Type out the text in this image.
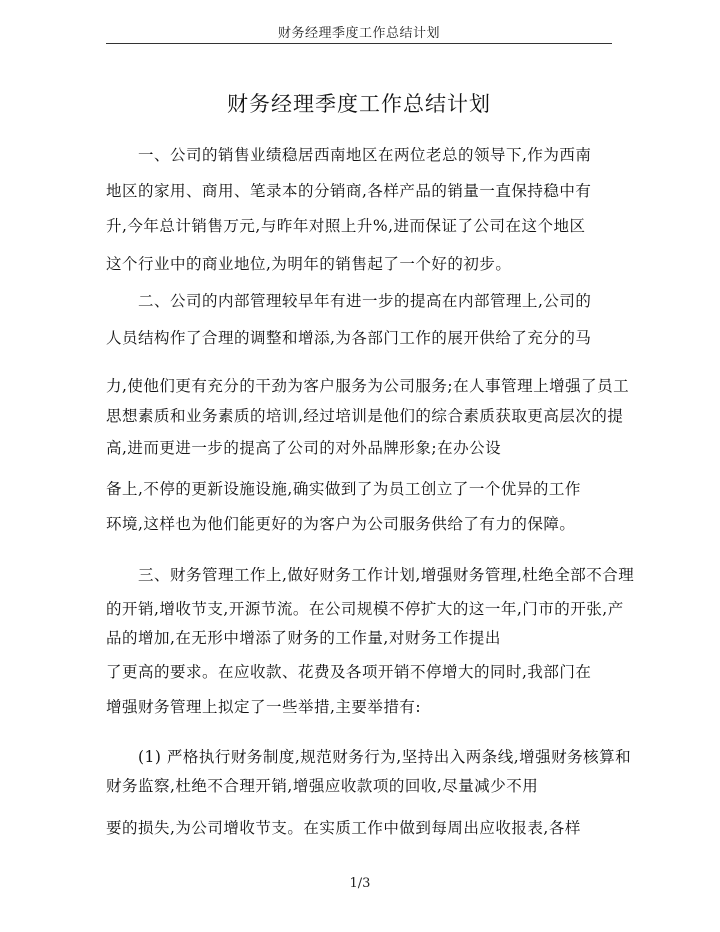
财务经理季度工作总结计划
财务经理季度工作总结计划
一、公司的销售业绩稳居西南地区在两位老总的领导下,作为西南
地区的家用、商用、笔录本的分销商,各样产品的销量一直保持稳中有
升,今年总计销售万元,与昨年对照上升%,进而保证了公司在这个地区
这个行业中的商业地位,为明年的销售起了一个好的初步。
二、公司的内部管理较早年有进一步的提高在内部管理上,公司的
人员结构作了合理的调整和增添,为各部门工作的展开供给了充分的马
力,使他们更有充分的干劲为客户服务为公司服务;在人事管理上增强了员工
思想素质和业务素质的培训,经过培训是他们的综合素质获取更高层次的提
高,进而更进一步的提高了公司的对外品牌形象;在办公设
备上,不停的更新设施设施,确实做到了为员工创立了一个优异的工作
环境,这样也为他们能更好的为客户为公司服务供给了有力的保障。
三、财务管理工作上,做好财务工作计划,增强财务管理,杜绝全部不合理
的开销,增收节支,开源节流。在公司规模不停扩大的这一年,门市的开张,产
品的增加,在无形中增添了财务的工作量,对财务工作提出
了更高的要求。在应收款、花费及各项开销不停增大的同时,我部门在
增强财务管理上拟定了一些举措,主要举措有:
(1) 严格执行财务制度,规范财务行为,坚持出入两条线,增强财务核算和
财务监察,杜绝不合理开销,增强应收款项的回收,尽量减少不用
要的损失,为公司增收节支。在实质工作中做到每周出应收报表,各样
1/3
